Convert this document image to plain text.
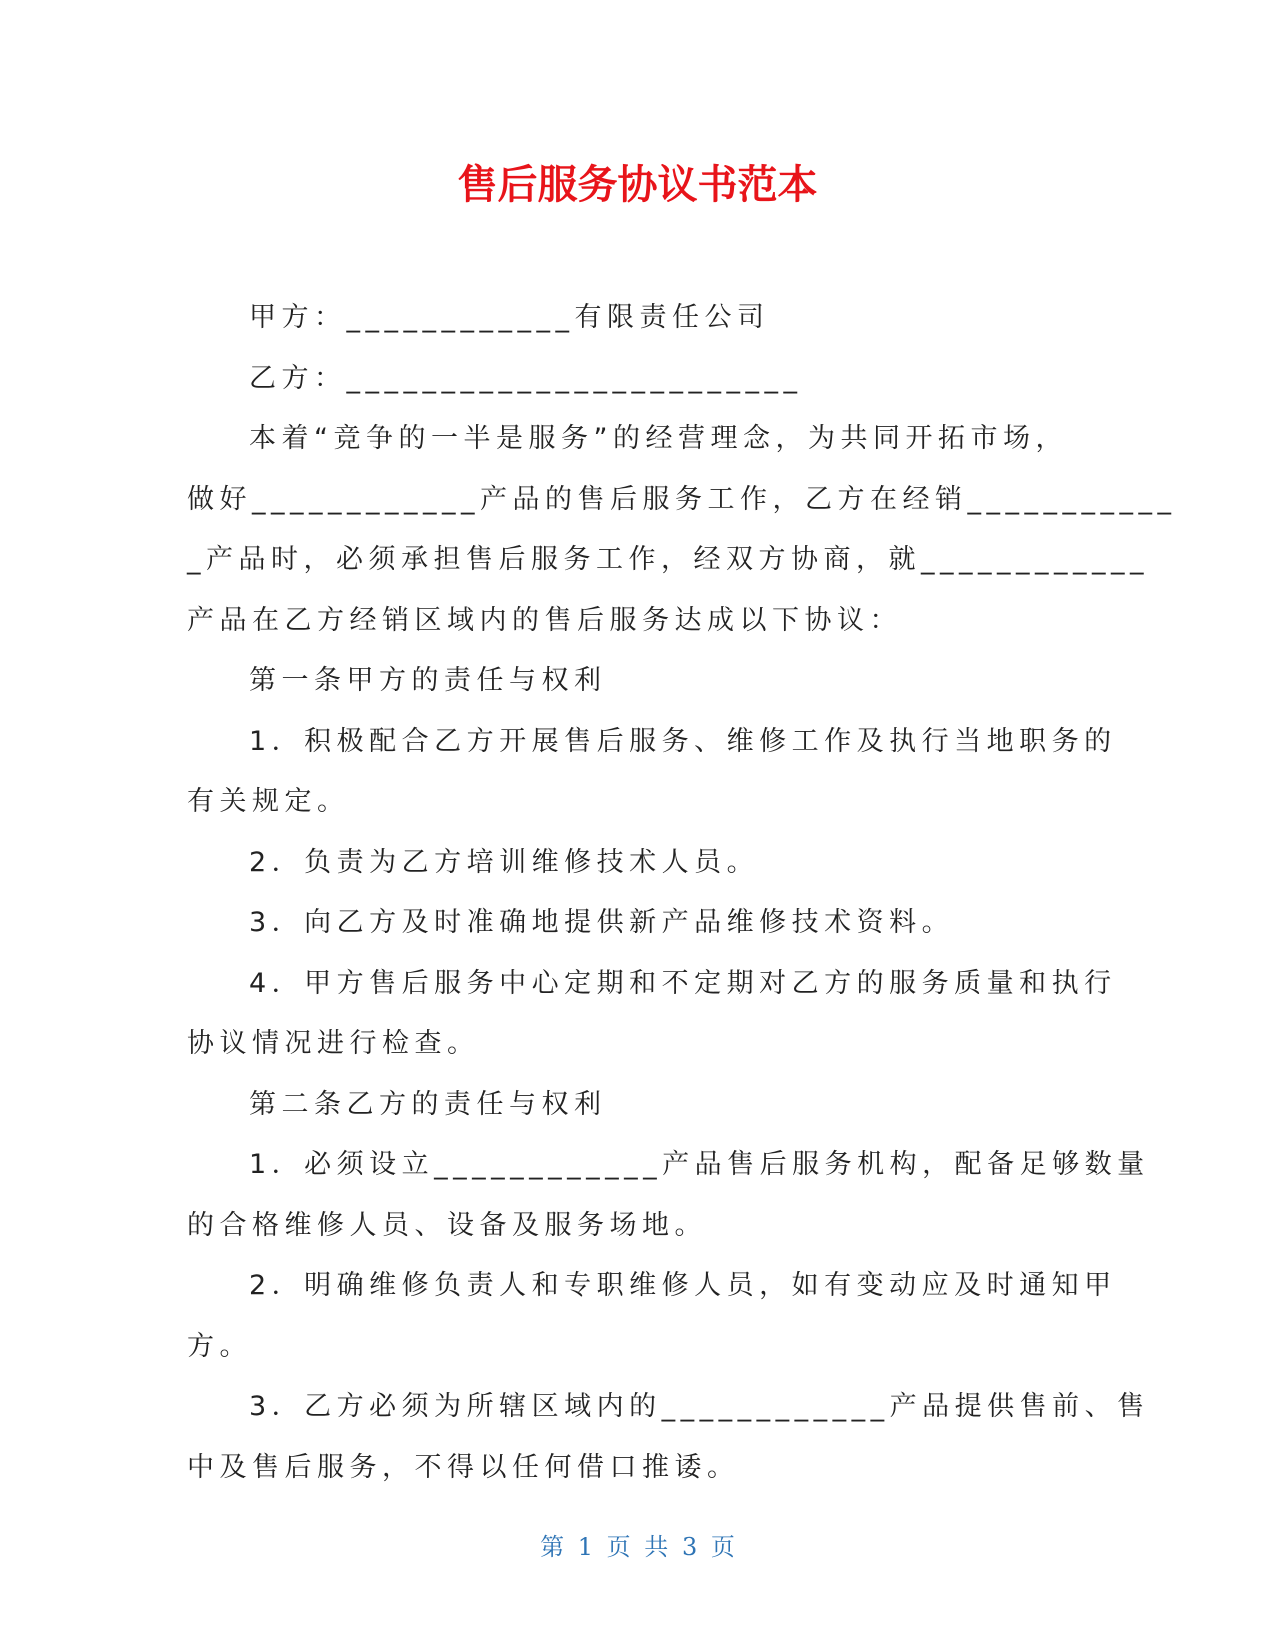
售后服务协议书范本
甲方：____________有限责任公司
乙方：________________________
本着“竞争的一半是服务”的经营理念，为共同开拓市场，
做好____________产品的售后服务工作，乙方在经销___________
_产品时，必须承担售后服务工作，经双方协商，就____________
产品在乙方经销区域内的售后服务达成以下协议：
第一条甲方的责任与权利
1．积极配合乙方开展售后服务、维修工作及执行当地职务的
有关规定。
2．负责为乙方培训维修技术人员。
3．向乙方及时准确地提供新产品维修技术资料。
4．甲方售后服务中心定期和不定期对乙方的服务质量和执行
协议情况进行检查。
第二条乙方的责任与权利
1．必须设立____________产品售后服务机构，配备足够数量
的合格维修人员、设备及服务场地。
2．明确维修负责人和专职维修人员，如有变动应及时通知甲
方。
3．乙方必须为所辖区域内的____________产品提供售前、售
中及售后服务，不得以任何借口推诿。
第 1 页 共 3 页
